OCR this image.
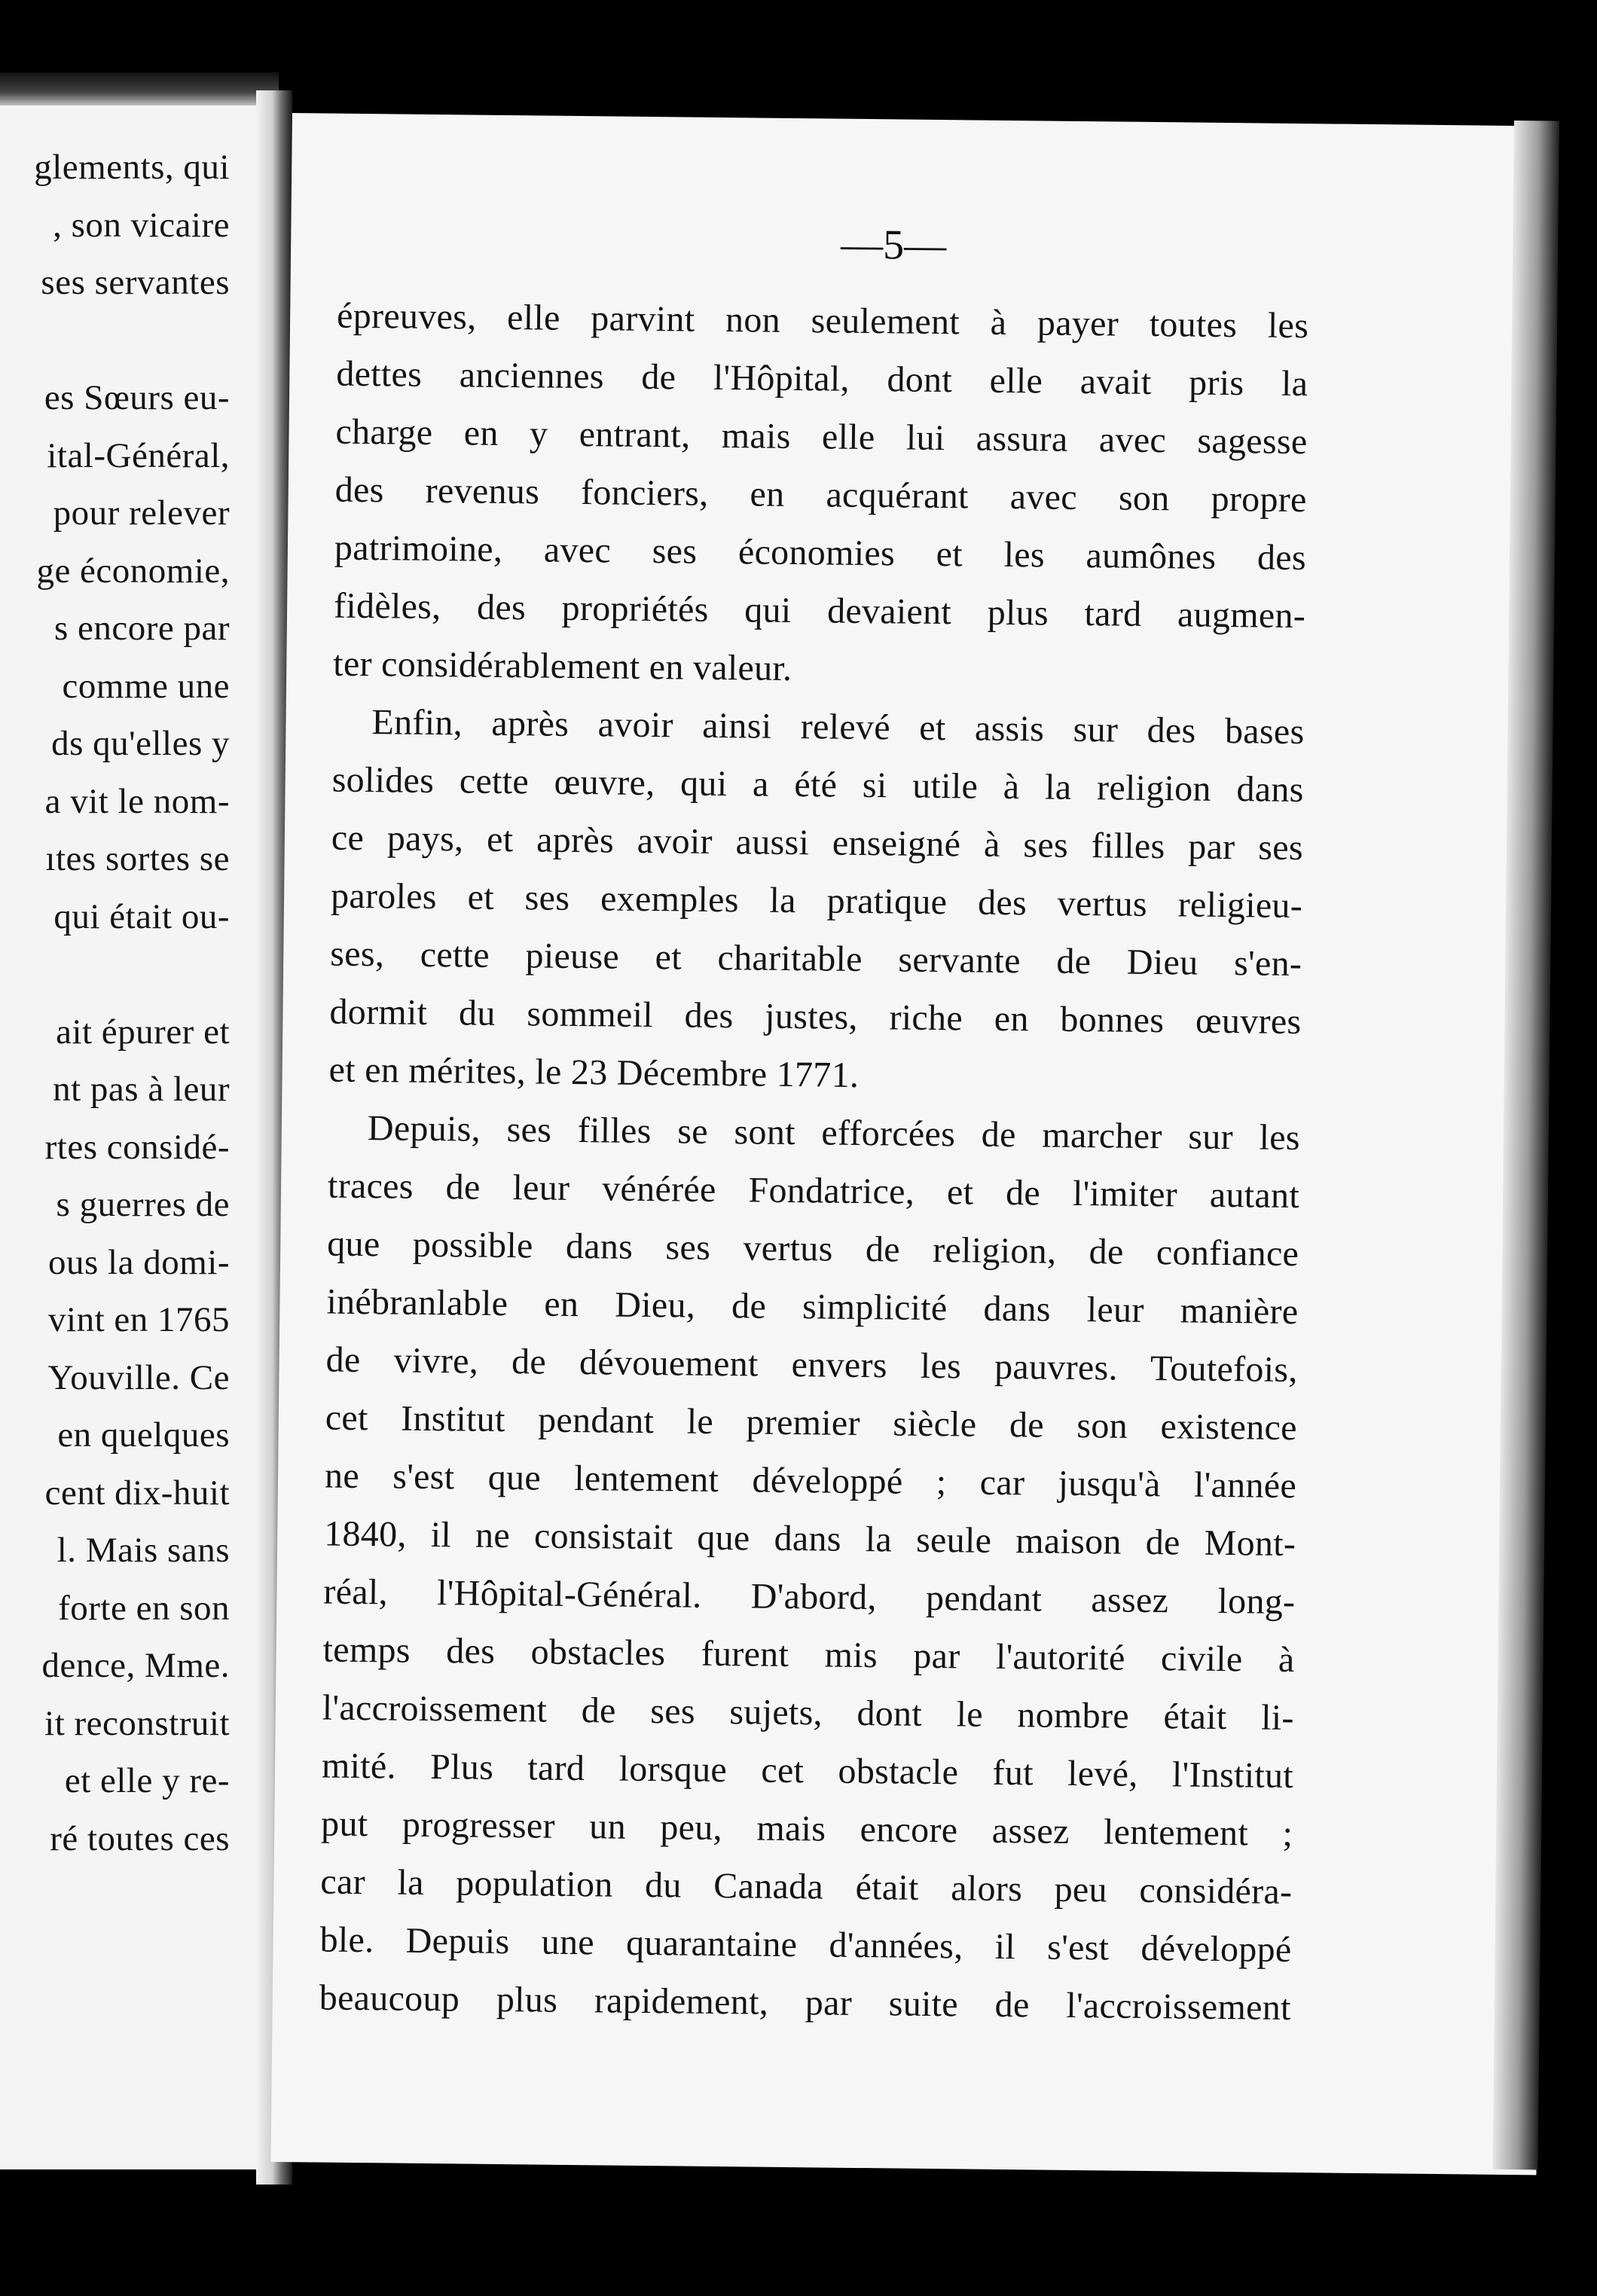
glements, qui
, son vicaire
ses servantes
es Sœurs eu-
ital-Général,
pour relever
ge économie,
s encore par
comme une
ds qu'elles y
a vit le nom-
ıtes sortes se
qui était ou-
ait épurer et
nt pas à leur
rtes considé-
s guerres de
ous la domi-
vint en 1765
Youville. Ce
en quelques
cent dix-huit
l. Mais sans
forte en son
dence, Mme.
it reconstruit
et elle y re-
ré toutes ces
—5—
épreuves, elle parvint non seulement à payer toutes les
dettes anciennes de l'Hôpital, dont elle avait pris la
charge en y entrant, mais elle lui assura avec sagesse
des revenus fonciers, en acquérant avec son propre
patrimoine, avec ses économies et les aumônes des
fidèles, des propriétés qui devaient plus tard augmen-
ter considérablement en valeur.
Enfin, après avoir ainsi relevé et assis sur des bases
solides cette œuvre, qui a été si utile à la religion dans
ce pays, et après avoir aussi enseigné à ses filles par ses
paroles et ses exemples la pratique des vertus religieu-
ses, cette pieuse et charitable servante de Dieu s'en-
dormit du sommeil des justes, riche en bonnes œuvres
et en mérites, le 23 Décembre 1771.
Depuis, ses filles se sont efforcées de marcher sur les
traces de leur vénérée Fondatrice, et de l'imiter autant
que possible dans ses vertus de religion, de confiance
inébranlable en Dieu, de simplicité dans leur manière
de vivre, de dévouement envers les pauvres. Toutefois,
cet Institut pendant le premier siècle de son existence
ne s'est que lentement développé ; car jusqu'à l'année
1840, il ne consistait que dans la seule maison de Mont-
réal, l'Hôpital-Général. D'abord, pendant assez long-
temps des obstacles furent mis par l'autorité civile à
l'accroissement de ses sujets, dont le nombre était li-
mité. Plus tard lorsque cet obstacle fut levé, l'Institut
put progresser un peu, mais encore assez lentement ;
car la population du Canada était alors peu considéra-
ble. Depuis une quarantaine d'années, il s'est développé
beaucoup plus rapidement, par suite de l'accroissement
